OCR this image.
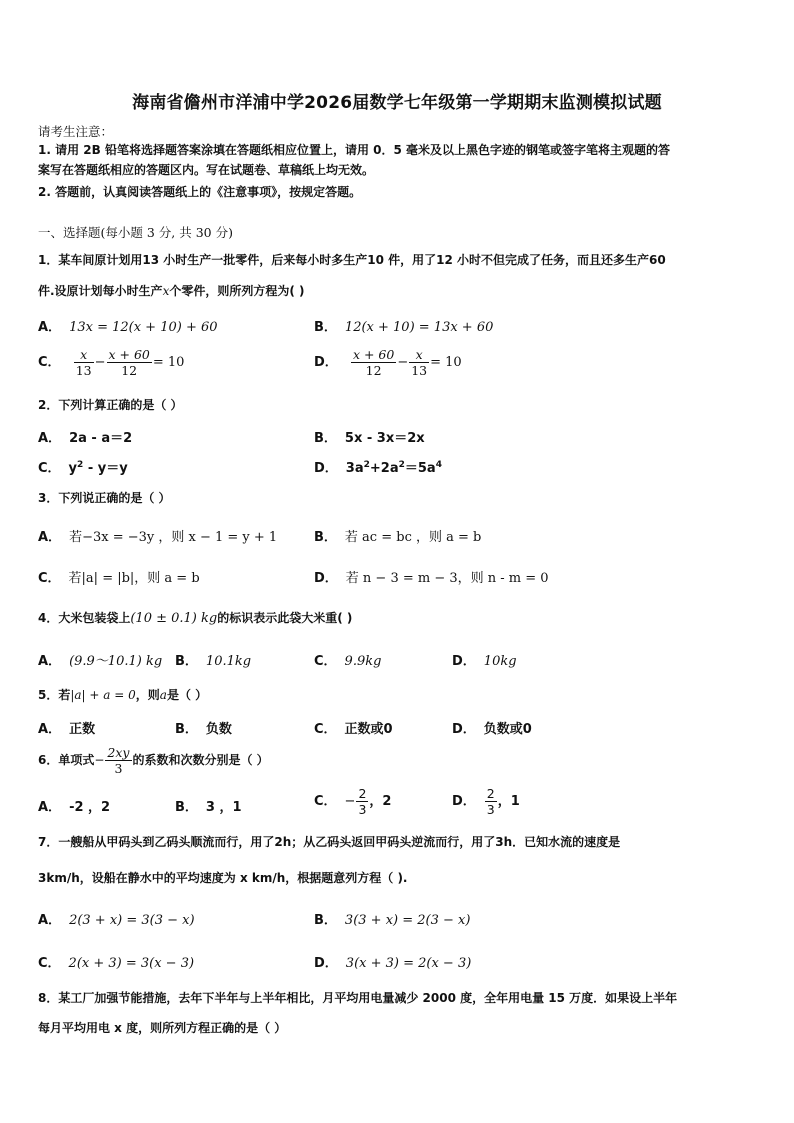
海南省儋州市洋浦中学2026届数学七年级第一学期期末监测模拟试题
请考生注意：
1. 请用 2B 铅笔将选择题答案涂填在答题纸相应位置上，请用 0．5 毫米及以上黑色字迹的钢笔或签字笔将主观题的答
案写在答题纸相应的答题区内。写在试题卷、草稿纸上均无效。
2. 答题前，认真阅读答题纸上的《注意事项》，按规定答题。
一、选择题(每小题 3 分, 共 30 分)
1．某车间原计划用13 小时生产一批零件，后来每小时多生产10 件，用了12 小时不但完成了任务，而且还多生产60
件.设原计划每小时生产x个零件，则所列方程为( )
A． 13x = 12(x + 10) + 60	B． 12(x + 10) = 13x + 60
C． $\frac{x}{13} - \frac{x + 60}{12} = 10$	D． $\frac{x + 60}{12} - \frac{x}{13} = 10$
2．下列计算正确的是（ ）
A． 2a - a＝2	B． 5x - 3x＝2x
C． $y^2 - y=y$	D． $3a^2+2a^2=5a^4$
3．下列说正确的是（ ）
A． 若−3x = −3y ，则 x − 1 = y + 1	B． 若 ac = bc ，则 a = b
C． 若|a| = |b|，则 a = b	D． 若 n − 3 = m − 3，则 n - m = 0
4．大米包装袋上(10 ± 0.1) kg的标识表示此袋大米重( )
A． (9.9～10.1) kg B． 10.1kg	C． 9.9kg	D． 10kg
5．若|a| + a = 0，则a是（ ）
A． 正数	B． 负数	C． 正数或0	D． 负数或0
6．单项式− $\frac{2xy}{3}$ 的系数和次数分别是（ ）
A． -2 ，2	B． 3 ，1	C． − $\frac{2}{3}$ ，2	D． $\frac{2}{3}$ ，1
7．一艘船从甲码头到乙码头顺流而行，用了2h；从乙码头返回甲码头逆流而行，用了3h．已知水流的速度是
3km/h，设船在静水中的平均速度为 x km/h，根据题意列方程（ ).
A． 2(3 + x) = 3(3 − x)	B． 3(3 + x) = 2(3 − x)
C． 2(x + 3) = 3(x − 3)	D． 3(x + 3) = 2(x − 3)
8．某工厂加强节能措施，去年下半年与上半年相比，月平均用电量减少 2000 度，全年用电量 15 万度．如果设上半年
每月平均用电 x 度，则所列方程正确的是（ ）
